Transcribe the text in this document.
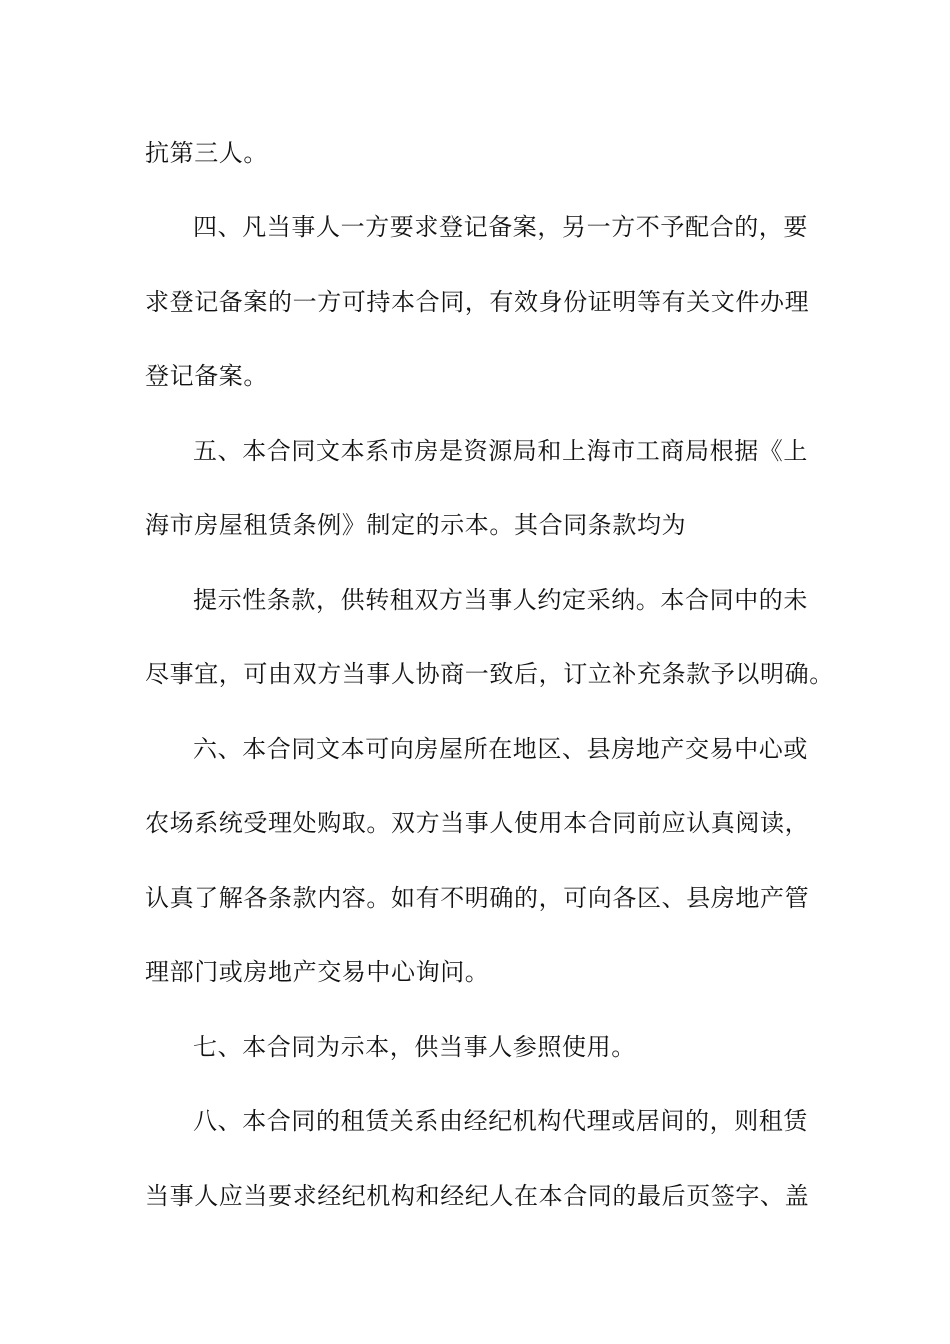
抗第三人。
四、凡当事人一方要求登记备案，另一方不予配合的，要
求登记备案的一方可持本合同，有效身份证明等有关文件办理
登记备案。
五、本合同文本系市房是资源局和上海市工商局根据《上
海市房屋租赁条例》制定的示本。其合同条款均为
提示性条款，供转租双方当事人约定采纳。本合同中的未
尽事宜，可由双方当事人协商一致后，订立补充条款予以明确。
六、本合同文本可向房屋所在地区、县房地产交易中心或
农场系统受理处购取。双方当事人使用本合同前应认真阅读，
认真了解各条款内容。如有不明确的，可向各区、县房地产管
理部门或房地产交易中心询问。
七、本合同为示本，供当事人参照使用。
八、本合同的租赁关系由经纪机构代理或居间的，则租赁
当事人应当要求经纪机构和经纪人在本合同的最后页签字、盖
